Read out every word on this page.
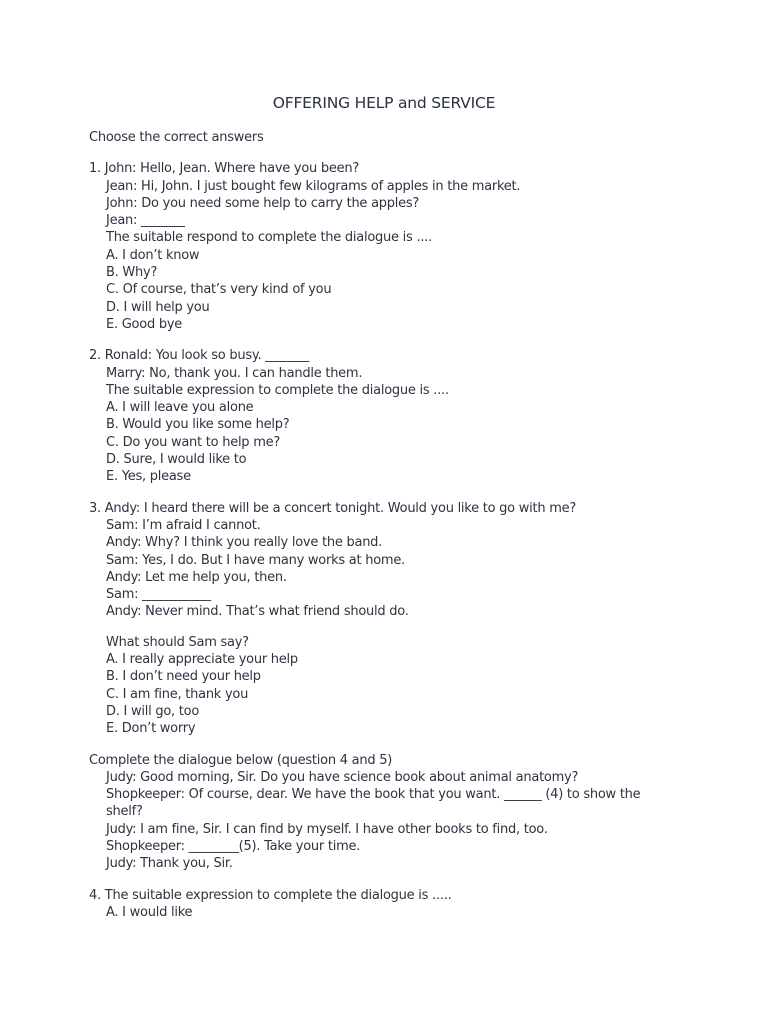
OFFERING HELP and SERVICE
Choose the correct answers
1. John: Hello, Jean. Where have you been?
Jean: Hi, John. I just bought few kilograms of apples in the market.
John: Do you need some help to carry the apples?
Jean: _______
The suitable respond to complete the dialogue is ....
A. I don’t know
B. Why?
C. Of course, that’s very kind of you
D. I will help you
E. Good bye
2. Ronald: You look so busy. _______
Marry: No, thank you. I can handle them.
The suitable expression to complete the dialogue is ....
A. I will leave you alone
B. Would you like some help?
C. Do you want to help me?
D. Sure, I would like to
E. Yes, please
3. Andy: I heard there will be a concert tonight. Would you like to go with me?
Sam: I’m afraid I cannot.
Andy: Why? I think you really love the band.
Sam: Yes, I do. But I have many works at home.
Andy: Let me help you, then.
Sam: ___________
Andy: Never mind. That’s what friend should do.
What should Sam say?
A. I really appreciate your help
B. I don’t need your help
C. I am fine, thank you
D. I will go, too
E. Don’t worry
Complete the dialogue below (question 4 and 5)
Judy: Good morning, Sir. Do you have science book about animal anatomy?
Shopkeeper: Of course, dear. We have the book that you want. ______ (4) to show the shelf?
Judy: I am fine, Sir. I can find by myself. I have other books to find, too.
Shopkeeper: ________(5). Take your time.
Judy: Thank you, Sir.
4. The suitable expression to complete the dialogue is .....
A. I would like
